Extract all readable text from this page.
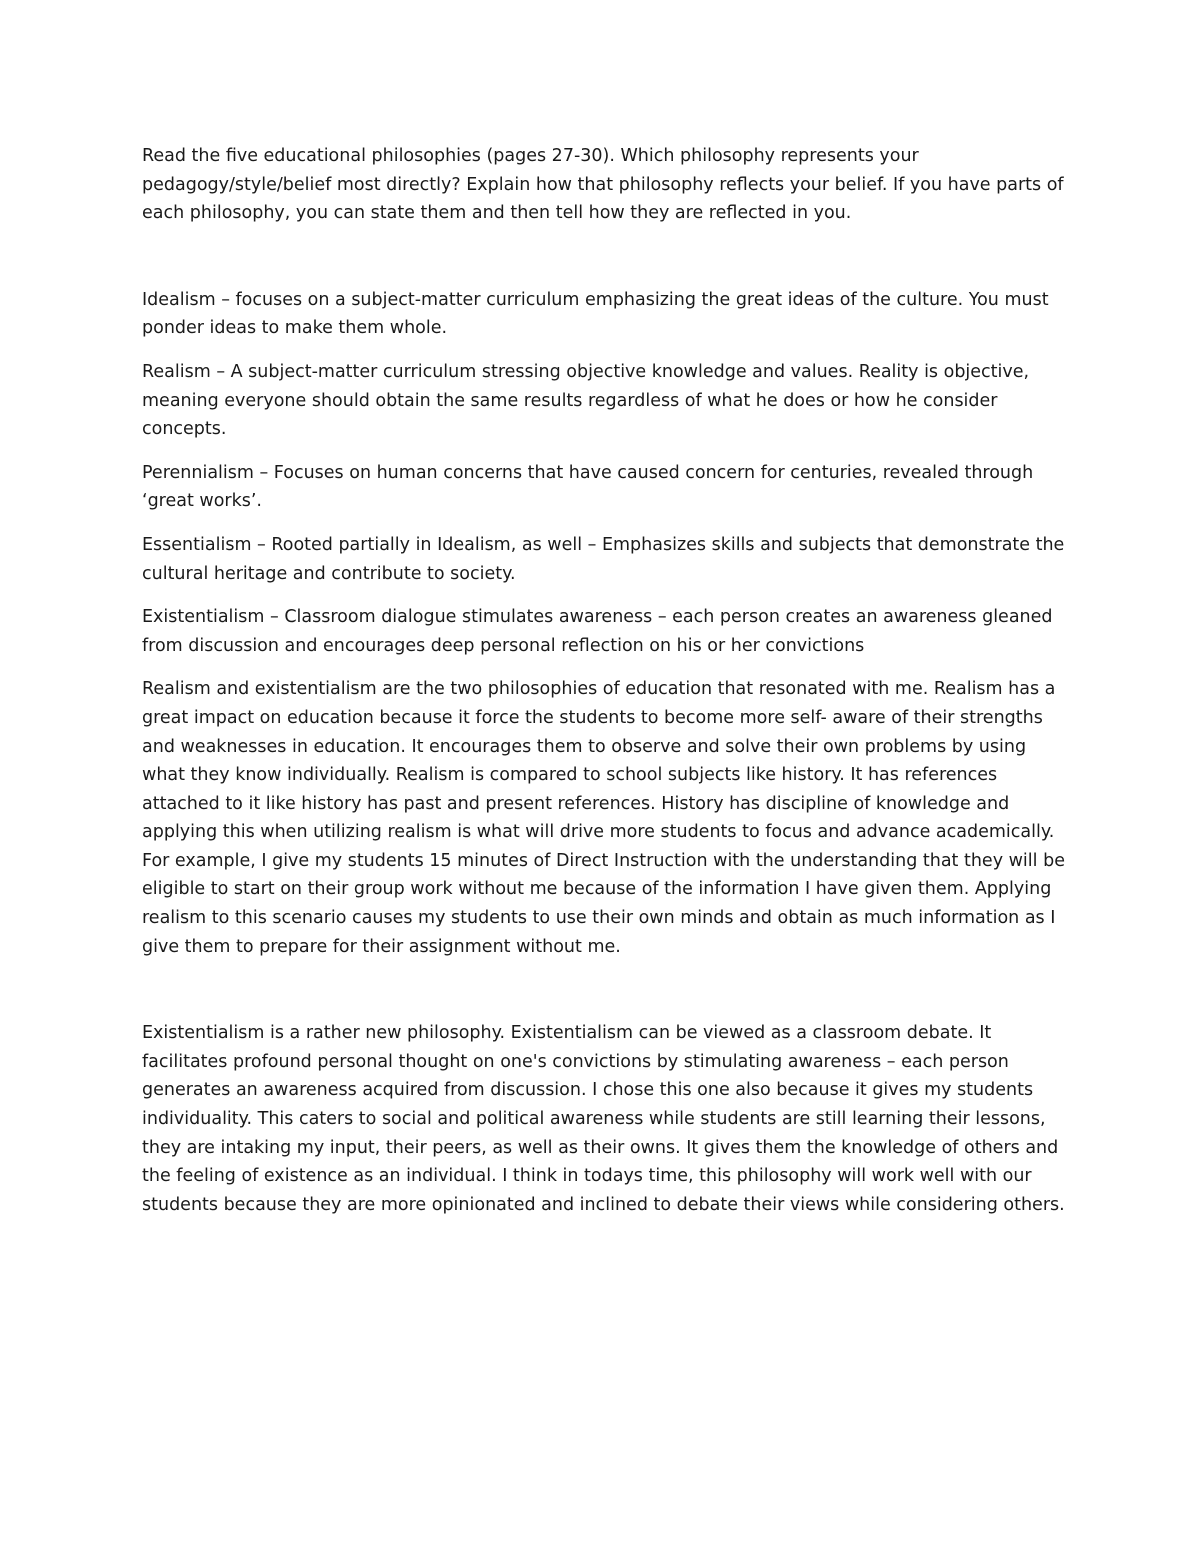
Read the five educational philosophies (pages 27-30). Which philosophy represents your pedagogy/style/belief most directly? Explain how that philosophy reflects your belief. If you have parts of each philosophy, you can state them and then tell how they are reflected in you.

Idealism – focuses on a subject-matter curriculum emphasizing the great ideas of the culture. You must ponder ideas to make them whole.

Realism – A subject-matter curriculum stressing objective knowledge and values. Reality is objective, meaning everyone should obtain the same results regardless of what he does or how he consider concepts.

Perennialism – Focuses on human concerns that have caused concern for centuries, revealed through ‘great works’.

Essentialism – Rooted partially in Idealism, as well – Emphasizes skills and subjects that demonstrate the cultural heritage and contribute to society.

Existentialism – Classroom dialogue stimulates awareness – each person creates an awareness gleaned from discussion and encourages deep personal reflection on his or her convictions

Realism and existentialism are the two philosophies of education that resonated with me. Realism has a great impact on education because it force the students to become more self- aware of their strengths and weaknesses in education. It encourages them to observe and solve their own problems by using what they know individually. Realism is compared to school subjects like history. It has references attached to it like history has past and present references. History has discipline of knowledge and applying this when utilizing realism is what will drive more students to focus and advance academically. For example, I give my students 15 minutes of Direct Instruction with the understanding that they will be eligible to start on their group work without me because of the information I have given them. Applying realism to this scenario causes my students to use their own minds and obtain as much information as I give them to prepare for their assignment without me.

Existentialism is a rather new philosophy. Existentialism can be viewed as a classroom debate. It facilitates profound personal thought on one's convictions by stimulating awareness – each person generates an awareness acquired from discussion. I chose this one also because it gives my students individuality. This caters to social and political awareness while students are still learning their lessons, they are intaking my input, their peers, as well as their owns. It gives them the knowledge of others and the feeling of existence as an individual. I think in todays time, this philosophy will work well with our students because they are more opinionated and inclined to debate their views while considering others.
